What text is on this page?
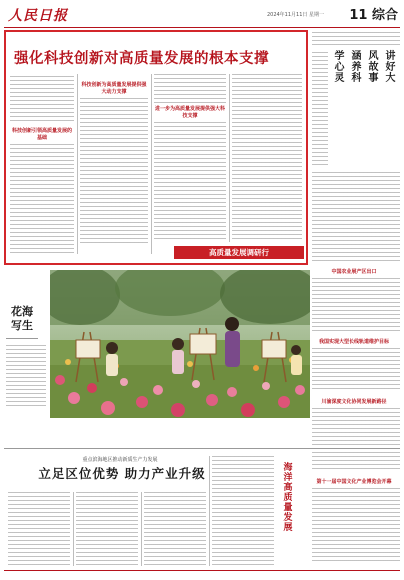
人民日报	2024年11月11日 星期一 11 综合
强化科技创新对高质量发展的根本支撑
科技创新引领高质量发展的基础
科技创新为高质量发展提供强大动力支撑
进一步为高质量发展提供强大科技支撑
高质量发展调研行
讲好大
风故事
涵养科
学心灵
中国农业展产区出口
我国实现大型长线轨道维护目标
川渝深度文化协同发展新路径
第十一届中国文化产业博览会开幕
花海写生
重点滨海地区推动新质生产力发展
立足区位优势 助力产业升级	海洋高质量发展
